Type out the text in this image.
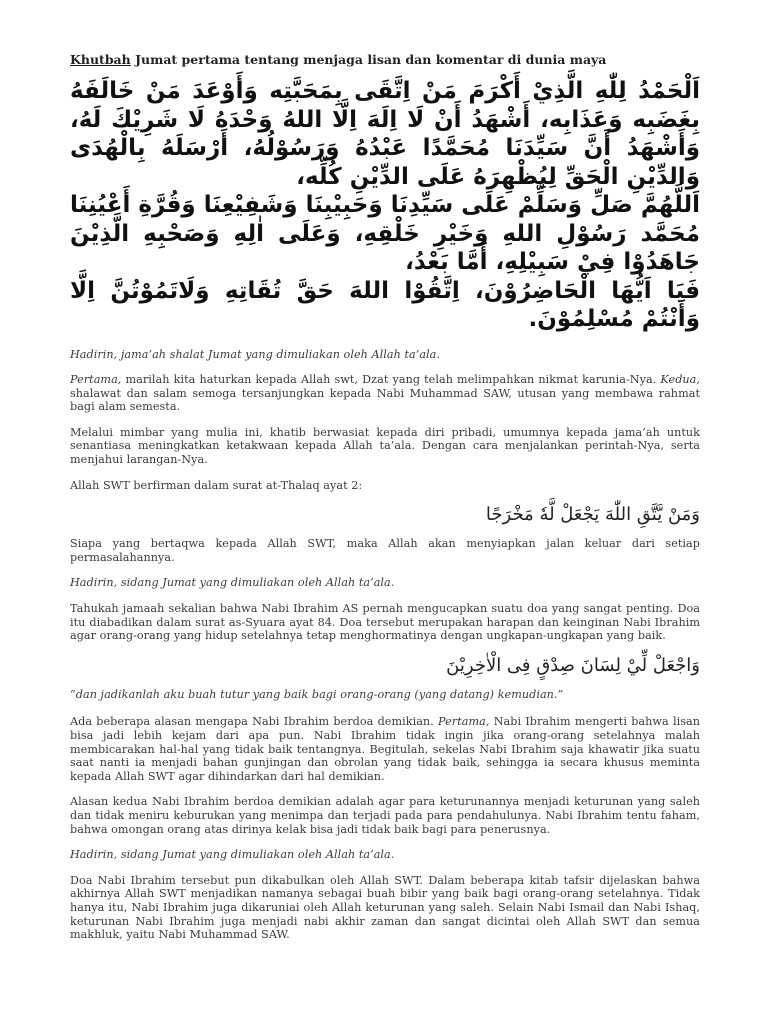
Khutbah Jumat pertama tentang menjaga lisan dan komentar di dunia maya

اَلْحَمْدُ لِلّٰهِ الَّذِيْ أَكْرَمَ مَنْ اِتَّقَى بِمَحَبَّتِه وَأَوْعَدَ مَنْ خَالَفَهُ بِغَضَبِه وَعَذَابِه، أَشْهَدُ أَنْ لَا اِلَهَ اِلَّا اللهُ وَحْدَهُ لَا شَرِيْكَ لَهُ، وَأَشْهَدُ أَنَّ سَيِّدَنَا مُحَمَّدًا عَبْدُهُ وَرَسُوْلُهُ، أَرْسَلَهُ بِالْهُدَى وَالدِّيْنِ الْحَقِّ لِيُظْهِرَهُ عَلَى الدِّيْنِ كُلِّه،

اَللَّهُمَّ صَلِّ وَسَلِّمْ عَلَى سَيِّدِنَا وَحَبِيْبِنَا وَشَفِيْعِنَا وَقُرَّةِ أَعْيُنِنَا مُحَمَّد رَسُوْلِ اللهِ وَخَيْرِ خَلْقِهِ، وَعَلَى اٰلِهِ وَصَحْبِهِ الَّذِيْنَ جَاهَدُوْا فِيْ سَبِيْلِهِ، أَمَّا بَعْدُ،

فَيَا اَيُّهَا الْحَاضِرُوْنَ، اِتَّقُوْا اللهَ حَقَّ تُقَاتِهِ وَلَاتَمُوْتُنَّ اِلَّا وَأَنْتُمْ مُسْلِمُوْنَ.

Hadirin, jama’ah shalat Jumat yang dimuliakan oleh Allah ta’ala.

Pertama, marilah kita haturkan kepada Allah swt, Dzat yang telah melimpahkan nikmat karunia-Nya. Kedua, shalawat dan salam semoga tersanjungkan kepada Nabi Muhammad SAW, utusan yang membawa rahmat bagi alam semesta.

Melalui mimbar yang mulia ini, khatib berwasiat kepada diri pribadi, umumnya kepada jama’ah untuk senantiasa meningkatkan ketakwaan kepada Allah ta’ala. Dengan cara menjalankan perintah-Nya, serta menjahui larangan-Nya.

Allah SWT berfirman dalam surat at-Thalaq ayat 2:

وَمَنْ يَّتَّقِ اللّٰهَ يَجْعَلْ لَّهٗ مَخْرَجًا

Siapa yang bertaqwa kepada Allah SWT, maka Allah akan menyiapkan jalan keluar dari setiap permasalahannya.

Hadirin, sidang Jumat yang dimuliakan oleh Allah ta’ala.

Tahukah jamaah sekalian bahwa Nabi Ibrahim AS pernah mengucapkan suatu doa yang sangat penting. Doa itu diabadikan dalam surat as-Syuara ayat 84. Doa tersebut merupakan harapan dan keinginan Nabi Ibrahim agar orang-orang yang hidup setelahnya tetap menghormatinya dengan ungkapan-ungkapan yang baik.

وَاجْعَلْ لِّيْ لِسَانَ صِدْقٍ فِى الْاٰخِرِيْنَ

“dan jadikanlah aku buah tutur yang baik bagi orang-orang (yang datang) kemudian.”

Ada beberapa alasan mengapa Nabi Ibrahim berdoa demikian. Pertama, Nabi Ibrahim mengerti bahwa lisan bisa jadi lebih kejam dari apa pun. Nabi Ibrahim tidak ingin jika orang-orang setelahnya malah membicarakan hal-hal yang tidak baik tentangnya. Begitulah, sekelas Nabi Ibrahim saja khawatir jika suatu saat nanti ia menjadi bahan gunjingan dan obrolan yang tidak baik, sehingga ia secara khusus meminta kepada Allah SWT agar dihindarkan dari hal demikian.

Alasan kedua Nabi Ibrahim berdoa demikian adalah agar para keturunannya menjadi keturunan yang saleh dan tidak meniru keburukan yang menimpa dan terjadi pada para pendahulunya. Nabi Ibrahim tentu faham, bahwa omongan orang atas dirinya kelak bisa jadi tidak baik bagi para penerusnya.

Hadirin, sidang Jumat yang dimuliakan oleh Allah ta’ala.

Doa Nabi Ibrahim tersebut pun dikabulkan oleh Allah SWT. Dalam beberapa kitab tafsir dijelaskan bahwa akhirnya Allah SWT menjadikan namanya sebagai buah bibir yang baik bagi orang-orang setelahnya. Tidak hanya itu, Nabi Ibrahim juga dikaruniai oleh Allah keturunan yang saleh. Selain Nabi Ismail dan Nabi Ishaq, keturunan Nabi Ibrahim juga menjadi nabi akhir zaman dan sangat dicintai oleh Allah SWT dan semua makhluk, yaitu Nabi Muhammad SAW.
